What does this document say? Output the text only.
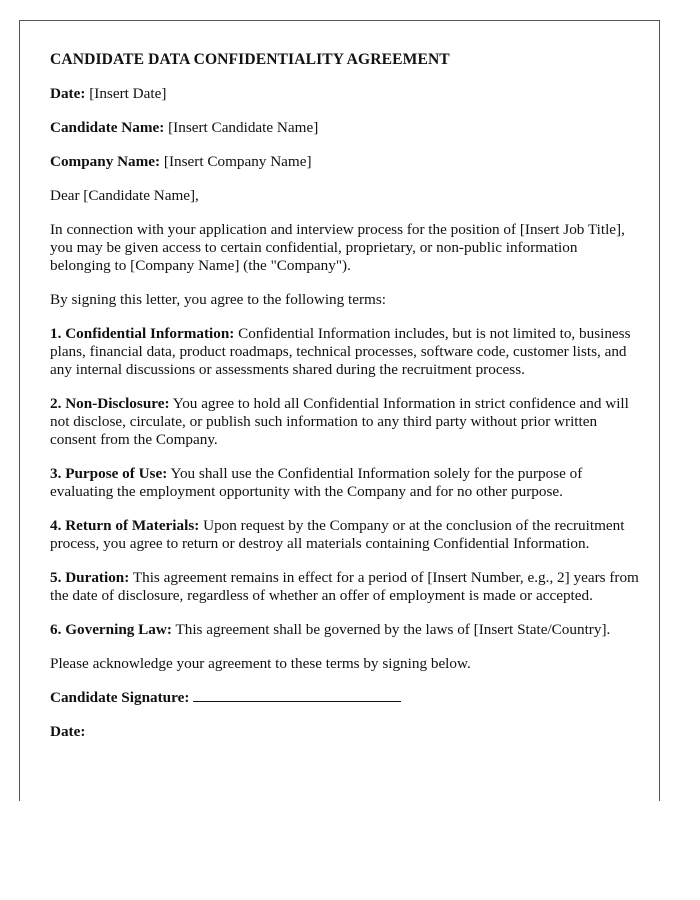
CANDIDATE DATA CONFIDENTIALITY AGREEMENT

Date: [Insert Date]

Candidate Name: [Insert Candidate Name]

Company Name: [Insert Company Name]

Dear [Candidate Name],

In connection with your application and interview process for the position of [Insert Job Title], you may be given access to certain confidential, proprietary, or non-public information belonging to [Company Name] (the "Company").

By signing this letter, you agree to the following terms:

1. Confidential Information: Confidential Information includes, but is not limited to, business plans, financial data, product roadmaps, technical processes, software code, customer lists, and any internal discussions or assessments shared during the recruitment process.

2. Non-Disclosure: You agree to hold all Confidential Information in strict confidence and will not disclose, circulate, or publish such information to any third party without prior written consent from the Company.

3. Purpose of Use: You shall use the Confidential Information solely for the purpose of evaluating the employment opportunity with the Company and for no other purpose.

4. Return of Materials: Upon request by the Company or at the conclusion of the recruitment process, you agree to return or destroy all materials containing Confidential Information.

5. Duration: This agreement remains in effect for a period of [Insert Number, e.g., 2] years from the date of disclosure, regardless of whether an offer of employment is made or accepted.

6. Governing Law: This agreement shall be governed by the laws of [Insert State/Country].

Please acknowledge your agreement to these terms by signing below.

Candidate Signature:

Date:
